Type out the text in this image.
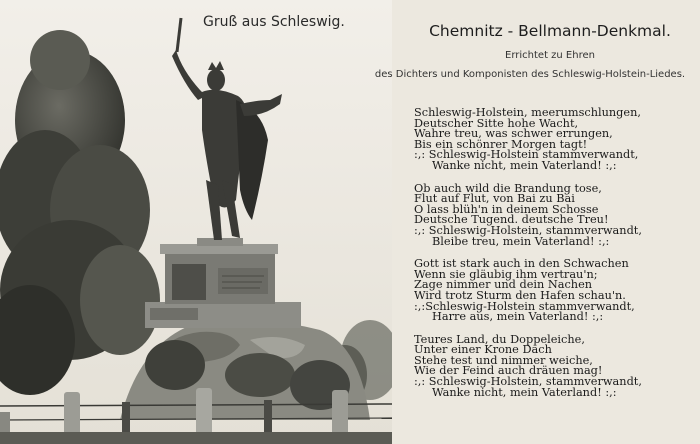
Gruß aus Schleswig.	Chemnitz - Bellmann-Denkmal.
Errichtet zu Ehren
des Dichters und Komponisten des Schleswig-Holstein-Liedes.
Schleswig-Holstein, meerumschlungen,
Deutscher Sitte hohe Wacht,
Wahre treu, was schwer errungen,
Bis ein schönrer Morgen tagt!
:,: Schleswig-Holstein stammverwandt,
Wanke nicht, mein Vaterland! :,:
Ob auch wild die Brandung tose,
Flut auf Flut, von Bai zu Bai
O lass blüh'n in deinem Schosse
Deutsche Tugend. deutsche Treu!
:,: Schleswig-Holstein, stammverwandt,
Bleibe treu, mein Vaterland! :,:
Gott ist stark auch in den Schwachen
Wenn sie gläubig ihm vertrau'n;
Zage nimmer und dein Nachen
Wird trotz Sturm den Hafen schau'n.
:,:Schleswig-Holstein stammverwandt,
Harre aus, mein Vaterland! :,:
Teures Land, du Doppeleiche,
Unter einer Krone Dach
Stehe test und nimmer weiche,
Wie der Feind auch dräuen mag!
:,: Schleswig-Holstein, stammverwandt,
Wanke nicht, mein Vaterland! :,:
